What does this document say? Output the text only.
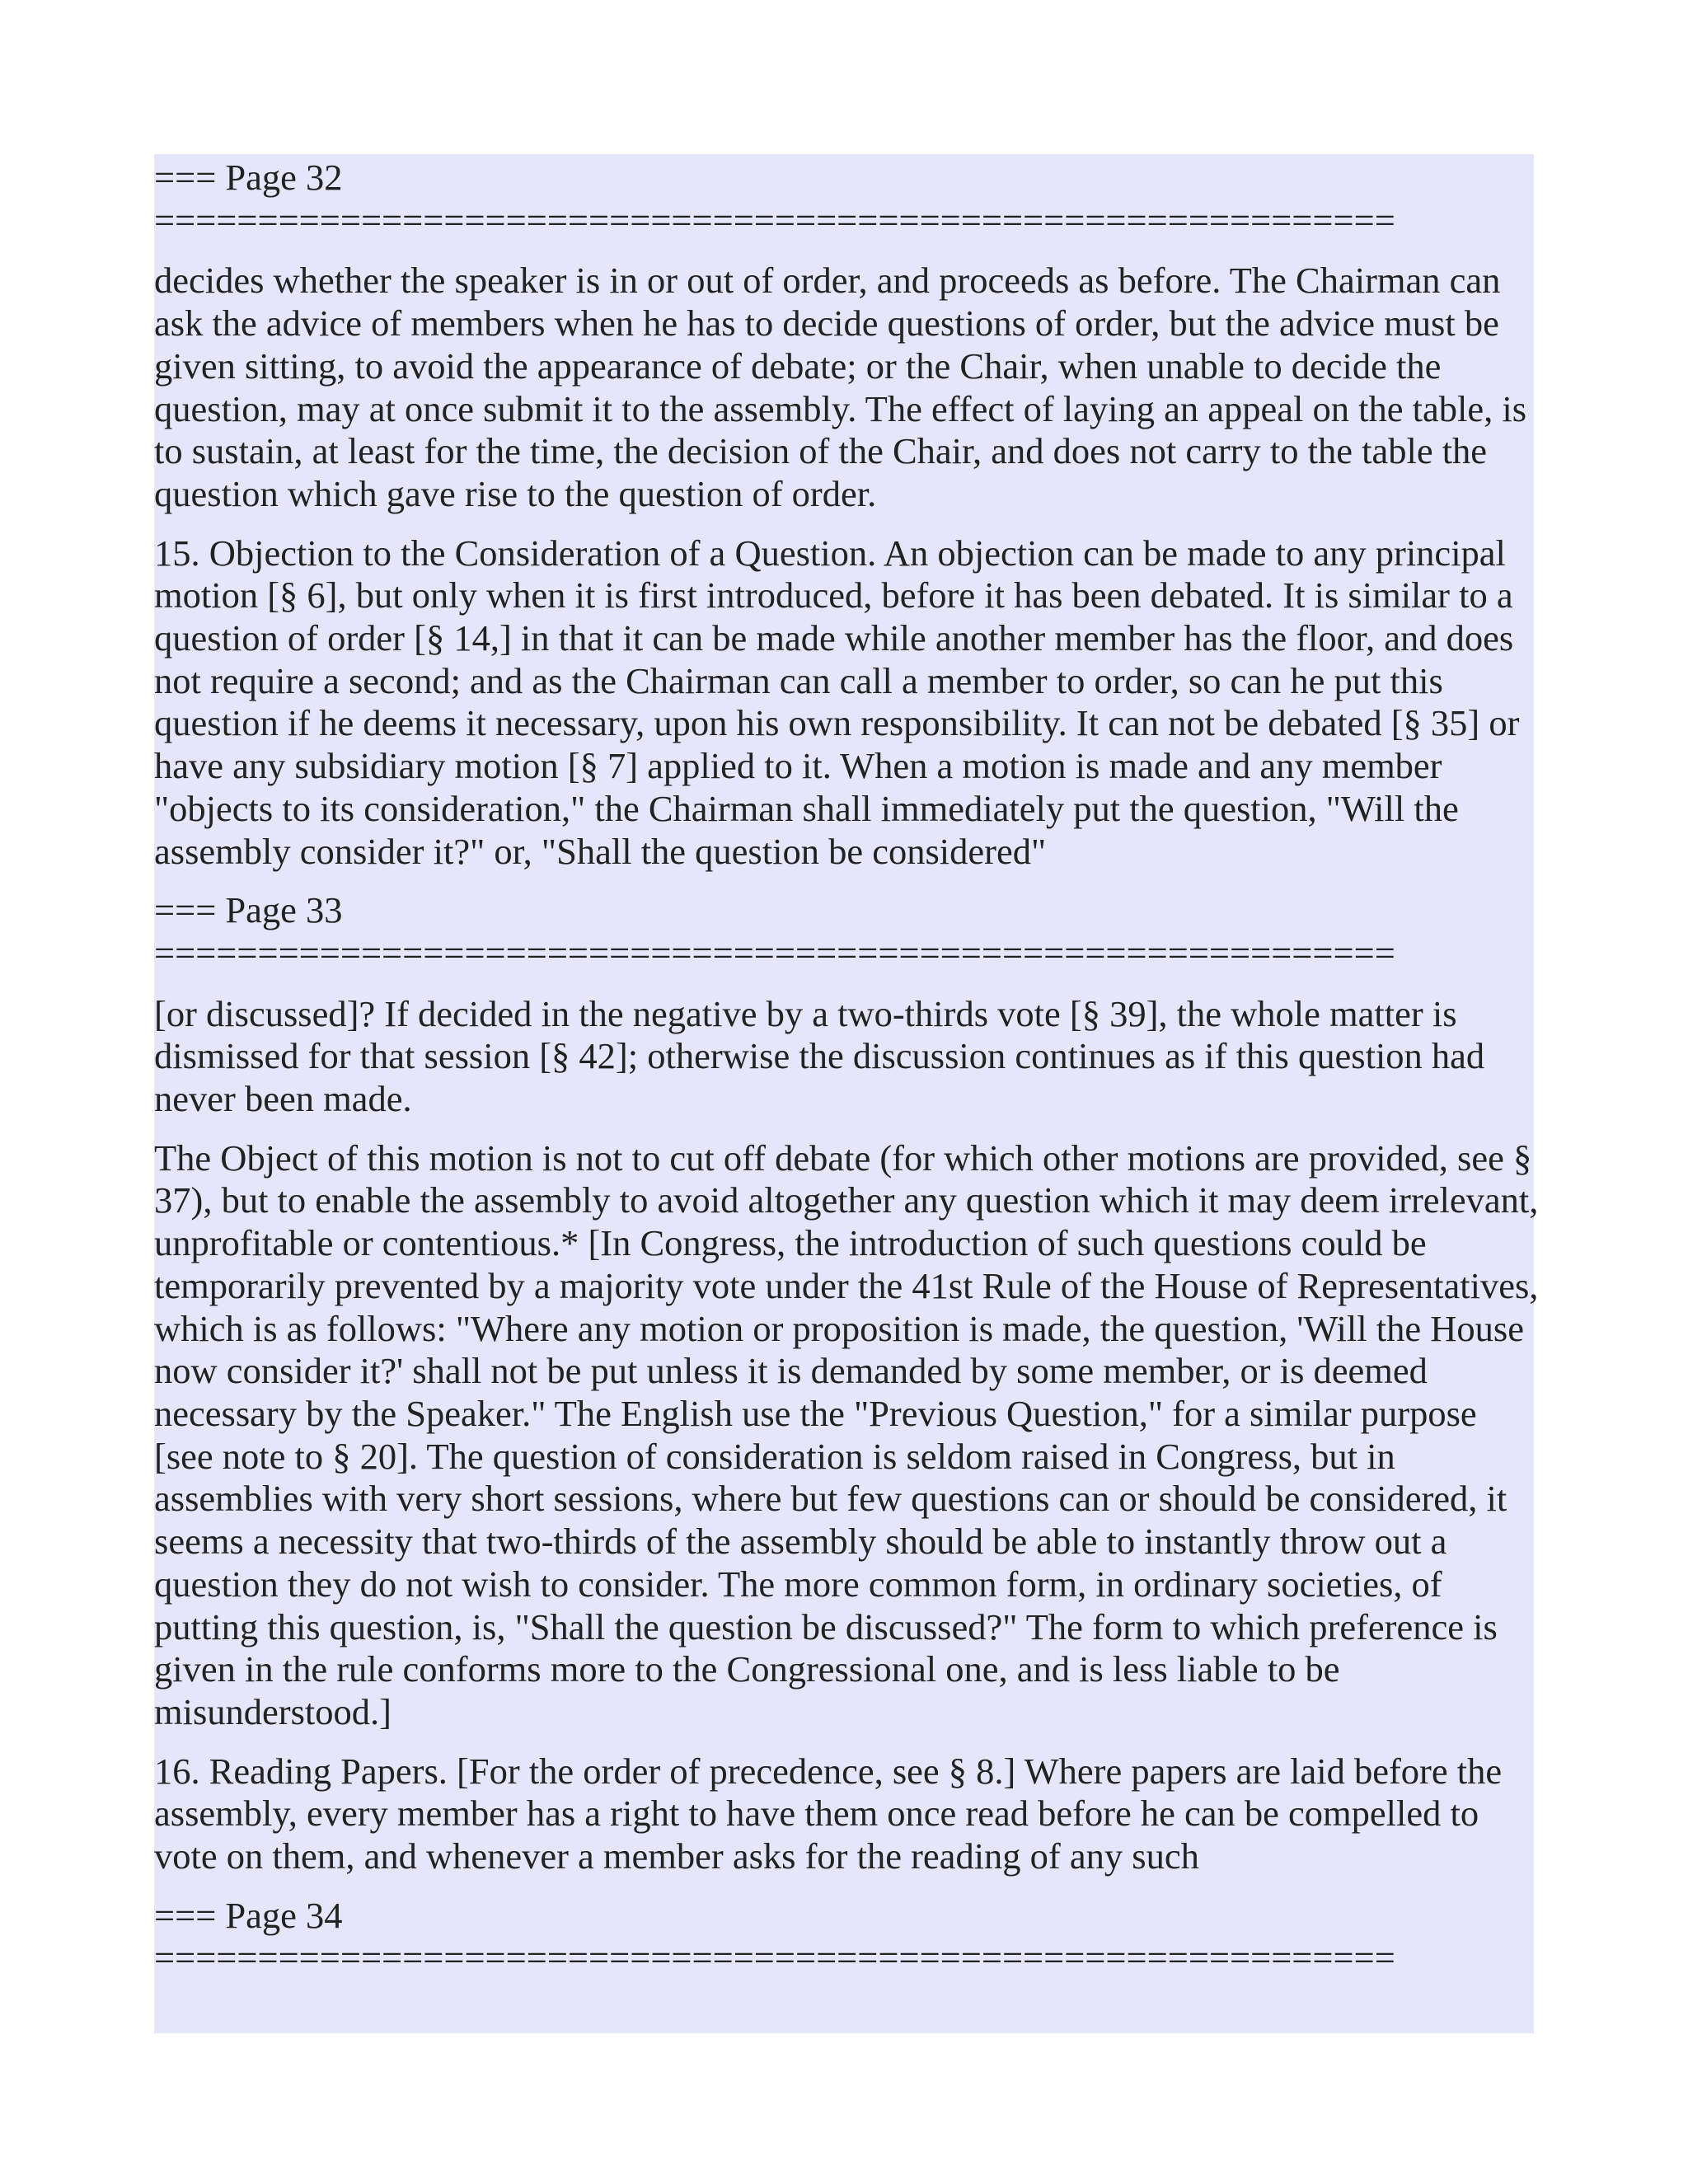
=== Page 32

============================================================

decides whether the speaker is in or out of order, and proceeds as before. The Chairman can ask the advice of members when he has to decide questions of order, but the advice must be given sitting, to avoid the appearance of debate; or the Chair, when unable to decide the question, may at once submit it to the assembly. The effect of laying an appeal on the table, is to sustain, at least for the time, the decision of the Chair, and does not carry to the table the question which gave rise to the question of order.

15. Objection to the Consideration of a Question. An objection can be made to any principal motion [§ 6], but only when it is first introduced, before it has been debated. It is similar to a question of order [§ 14,] in that it can be made while another member has the floor, and does not require a second; and as the Chairman can call a member to order, so can he put this question if he deems it necessary, upon his own responsibility. It can not be debated [§ 35] or have any subsidiary motion [§ 7] applied to it. When a motion is made and any member "objects to its consideration," the Chairman shall immediately put the question, "Will the assembly consider it?" or, "Shall the question be considered"

=== Page 33

============================================================

[or discussed]? If decided in the negative by a two-thirds vote [§ 39], the whole matter is dismissed for that session [§ 42]; otherwise the discussion continues as if this question had never been made.

The Object of this motion is not to cut off debate (for which other motions are provided, see § 37), but to enable the assembly to avoid altogether any question which it may deem irrelevant, unprofitable or contentious.* [In Congress, the introduction of such questions could be temporarily prevented by a majority vote under the 41st Rule of the House of Representatives, which is as follows: "Where any motion or proposition is made, the question, 'Will the House now consider it?' shall not be put unless it is demanded by some member, or is deemed necessary by the Speaker." The English use the "Previous Question," for a similar purpose [see note to § 20]. The question of consideration is seldom raised in Congress, but in assemblies with very short sessions, where but few questions can or should be considered, it seems a necessity that two-thirds of the assembly should be able to instantly throw out a question they do not wish to consider. The more common form, in ordinary societies, of putting this question, is, "Shall the question be discussed?" The form to which preference is given in the rule conforms more to the Congressional one, and is less liable to be misunderstood.]

16. Reading Papers. [For the order of precedence, see § 8.] Where papers are laid before the assembly, every member has a right to have them once read before he can be compelled to vote on them, and whenever a member asks for the reading of any such

=== Page 34

============================================================
